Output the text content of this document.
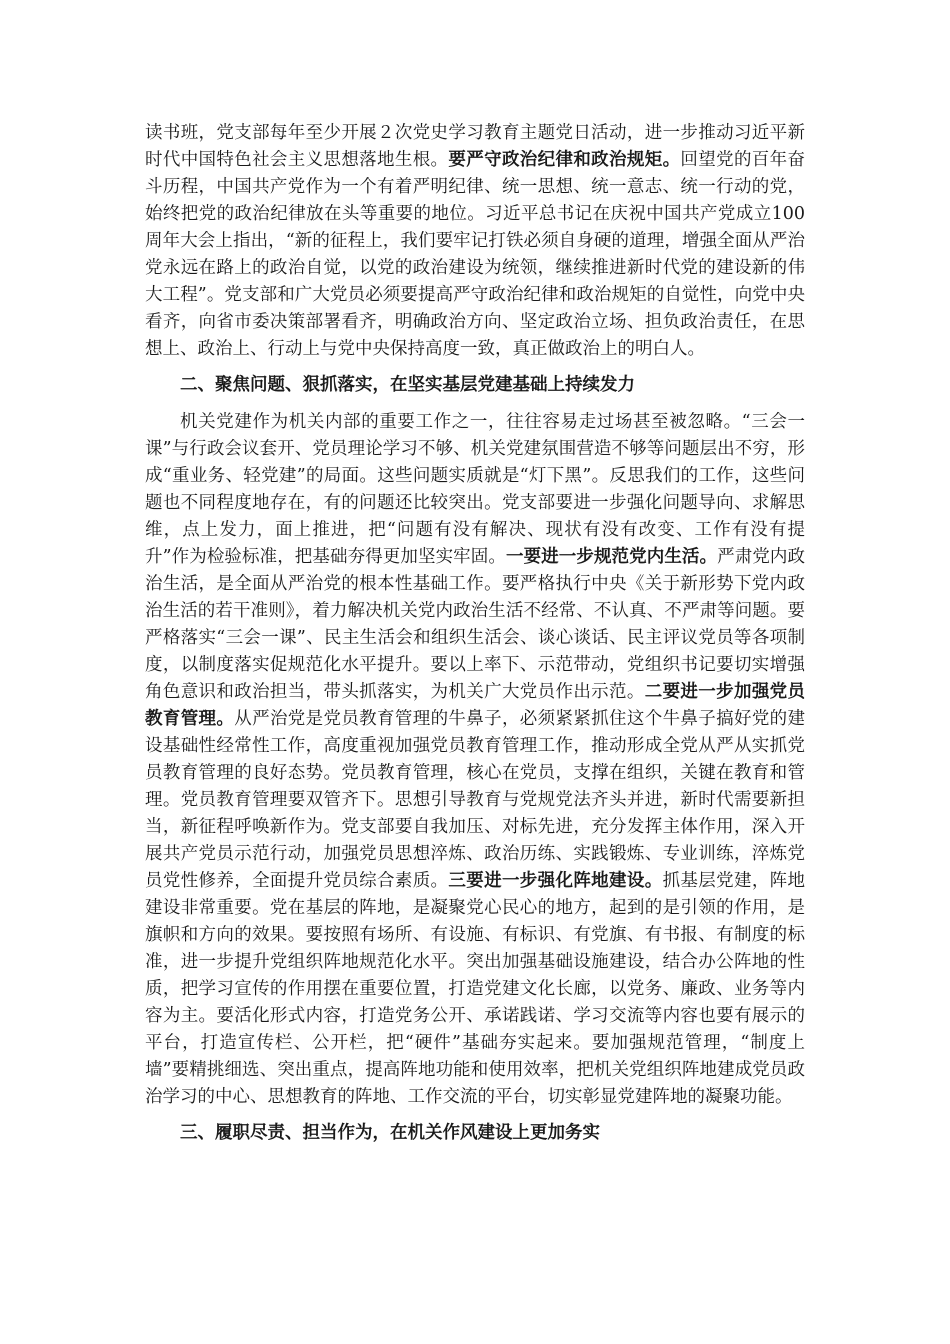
读书班，党支部每年至少开展２次党史学习教育主题党日活动，进一步推动习近平新时代中国特色社会主义思想落地生根。要严守政治纪律和政治规矩。回望党的百年奋斗历程，中国共产党作为一个有着严明纪律、统一思想、统一意志、统一行动的党，始终把党的政治纪律放在头等重要的地位。习近平总书记在庆祝中国共产党成立100周年大会上指出，“新的征程上，我们要牢记打铁必须自身硬的道理，增强全面从严治党永远在路上的政治自觉，以党的政治建设为统领，继续推进新时代党的建设新的伟大工程”。党支部和广大党员必须要提高严守政治纪律和政治规矩的自觉性，向党中央看齐，向省市委决策部署看齐，明确政治方向、坚定政治立场、担负政治责任，在思想上、政治上、行动上与党中央保持高度一致，真正做政治上的明白人。

二、聚焦问题、狠抓落实，在坚实基层党建基础上持续发力

机关党建作为机关内部的重要工作之一，往往容易走过场甚至被忽略。“三会一课”与行政会议套开、党员理论学习不够、机关党建氛围营造不够等问题层出不穷，形成“重业务、轻党建”的局面。这些问题实质就是“灯下黑”。反思我们的工作，这些问题也不同程度地存在，有的问题还比较突出。党支部要进一步强化问题导向、求解思维，点上发力，面上推进，把“问题有没有解决、现状有没有改变、工作有没有提升”作为检验标准，把基础夯得更加坚实牢固。一要进一步规范党内生活。严肃党内政治生活，是全面从严治党的根本性基础工作。要严格执行中央《关于新形势下党内政治生活的若干准则》，着力解决机关党内政治生活不经常、不认真、不严肃等问题。要严格落实“三会一课”、民主生活会和组织生活会、谈心谈话、民主评议党员等各项制度，以制度落实促规范化水平提升。要以上率下、示范带动，党组织书记要切实增强角色意识和政治担当，带头抓落实，为机关广大党员作出示范。二要进一步加强党员教育管理。从严治党是党员教育管理的牛鼻子，必须紧紧抓住这个牛鼻子搞好党的建设基础性经常性工作，高度重视加强党员教育管理工作，推动形成全党从严从实抓党员教育管理的良好态势。党员教育管理，核心在党员，支撑在组织，关键在教育和管理。党员教育管理要双管齐下。思想引导教育与党规党法齐头并进，新时代需要新担当，新征程呼唤新作为。党支部要自我加压、对标先进，充分发挥主体作用，深入开展共产党员示范行动，加强党员思想淬炼、政治历练、实践锻炼、专业训练，淬炼党员党性修养，全面提升党员综合素质。三要进一步强化阵地建设。抓基层党建，阵地建设非常重要。党在基层的阵地，是凝聚党心民心的地方，起到的是引领的作用，是旗帜和方向的效果。要按照有场所、有设施、有标识、有党旗、有书报、有制度的标准，进一步提升党组织阵地规范化水平。突出加强基础设施建设，结合办公阵地的性质，把学习宣传的作用摆在重要位置，打造党建文化长廊，以党务、廉政、业务等内容为主。要活化形式内容，打造党务公开、承诺践诺、学习交流等内容也要有展示的平台，打造宣传栏、公开栏，把“硬件”基础夯实起来。要加强规范管理，“制度上墙”要精挑细选、突出重点，提高阵地功能和使用效率，把机关党组织阵地建成党员政治学习的中心、思想教育的阵地、工作交流的平台，切实彰显党建阵地的凝聚功能。

三、履职尽责、担当作为，在机关作风建设上更加务实
